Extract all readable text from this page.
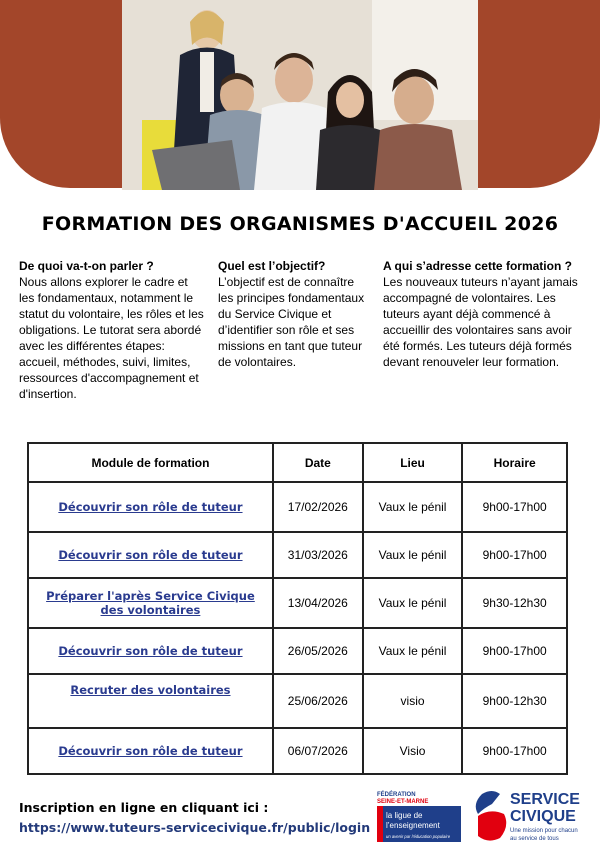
FORMATION DES ORGANISMES D'ACCUEIL 2026
De quoi va-t-on parler ?

Nous allons explorer le cadre et les fondamentaux, notamment le statut du volontaire, les rôles et les obligations. Le tutorat sera abordé avec les différentes étapes: accueil, méthodes, suivi, limites, ressources d'accompagnement et d'insertion.

Quel est l’objectif?

L’objectif est de connaître les principes fondamentaux du Service Civique et d’identifier son rôle et ses missions en tant que tuteur de volontaires.

A qui s’adresse cette formation ?

Les nouveaux tuteurs n’ayant jamais accompagné de volontaires. Les tuteurs ayant déjà commencé à accueillir des volontaires sans avoir été formés. Les tuteurs déjà formés devant renouveler leur formation.

Module de formation	Date	Lieu	Horaire
Découvrir son rôle de tuteur	17/02/2026	Vaux le pénil	9h00-17h00
Découvrir son rôle de tuteur	31/03/2026	Vaux le pénil	9h00-17h00
Préparer l'après Service Civique des volontaires	13/04/2026	Vaux le pénil	9h30-12h30
Découvrir son rôle de tuteur	26/05/2026	Vaux le pénil	9h00-17h00
Recruter des volontaires	25/06/2026	visio	9h00-12h30
Découvrir son rôle de tuteur	06/07/2026	Visio	9h00-17h00
Inscription en ligne en cliquant ici :
https://www.tuteurs-servicecivique.fr/public/login
FÉDÉRATION
SEINE-ET-MARNE
la ligue de
l’enseignement
un avenir par l’éducation populaire
SERVICE
CIVIQUE
Une mission pour chacun
au service de tous
